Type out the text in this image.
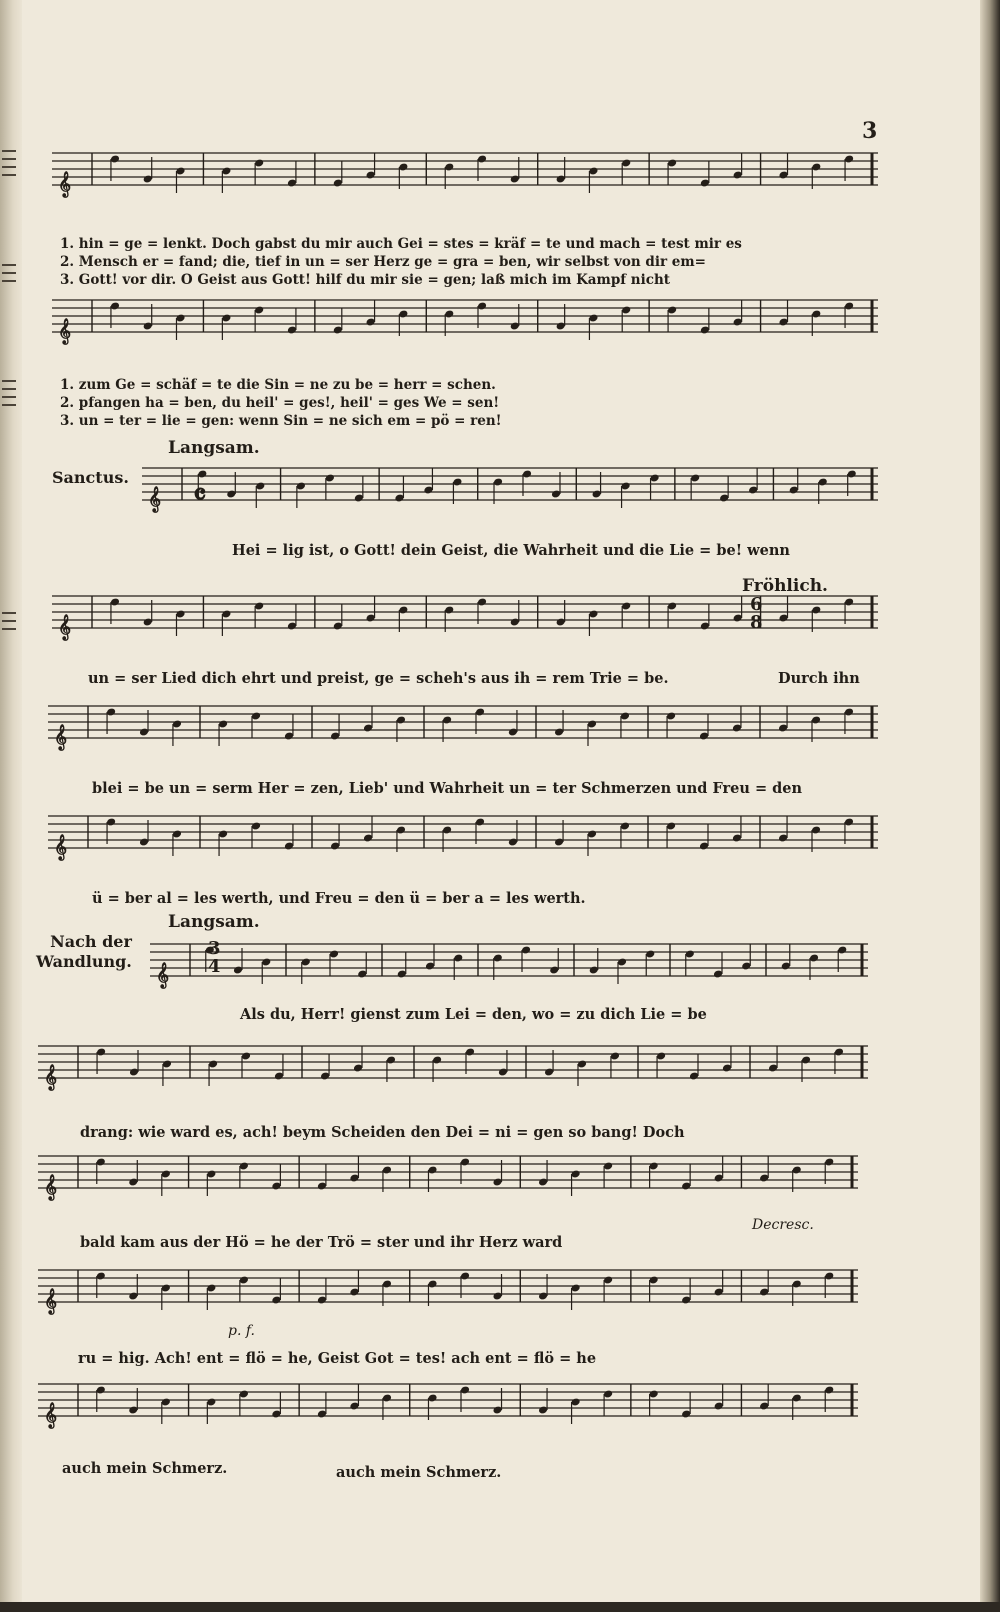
3
𝄞
𝄞
𝄞
𝄞
𝄞
𝄞
𝄞
𝄞
𝄞
𝄞
𝄞
Sanctus.
Nach der
Wandlung.
Langsam.
Fröhlich.
Langsam.
𝄴
6
8
3
4
Decresc.
p. f.
1. hin = ge = lenkt. Doch gabst du mir auch Gei = stes = kräf = te und mach = test mir es
2. Mensch er = fand; die, tief in un = ser Herz ge = gra = ben, wir selbst von dir em=
3. Gott! vor dir. O Geist aus Gott! hilf du mir sie = gen; laß mich im Kampf nicht
1. zum Ge = schäf = te die Sin = ne zu be = herr = schen.
2. pfangen ha = ben, du heil' = ges!, heil' = ges We = sen!
3. un = ter = lie = gen: wenn Sin = ne sich em = pö = ren!
Hei = lig ist, o Gott! dein Geist, die Wahrheit und die Lie = be! wenn
un = ser Lied dich ehrt und preist, ge = scheh's aus ih = rem Trie = be.	Durch ihn
blei = be un = serm Her = zen, Lieb' und Wahrheit un = ter Schmerzen und Freu = den
ü = ber al = les werth, und Freu = den ü = ber a = les werth.
Als du, Herr! gienst zum Lei = den, wo = zu dich Lie = be
drang: wie ward es, ach! beym Scheiden den Dei = ni = gen so bang! Doch
bald kam aus der Hö = he der Trö = ster und ihr Herz ward
ru = hig. Ach! ent = flö = he, Geist Got = tes! ach ent = flö = he
auch mein Schmerz.	auch mein Schmerz.
